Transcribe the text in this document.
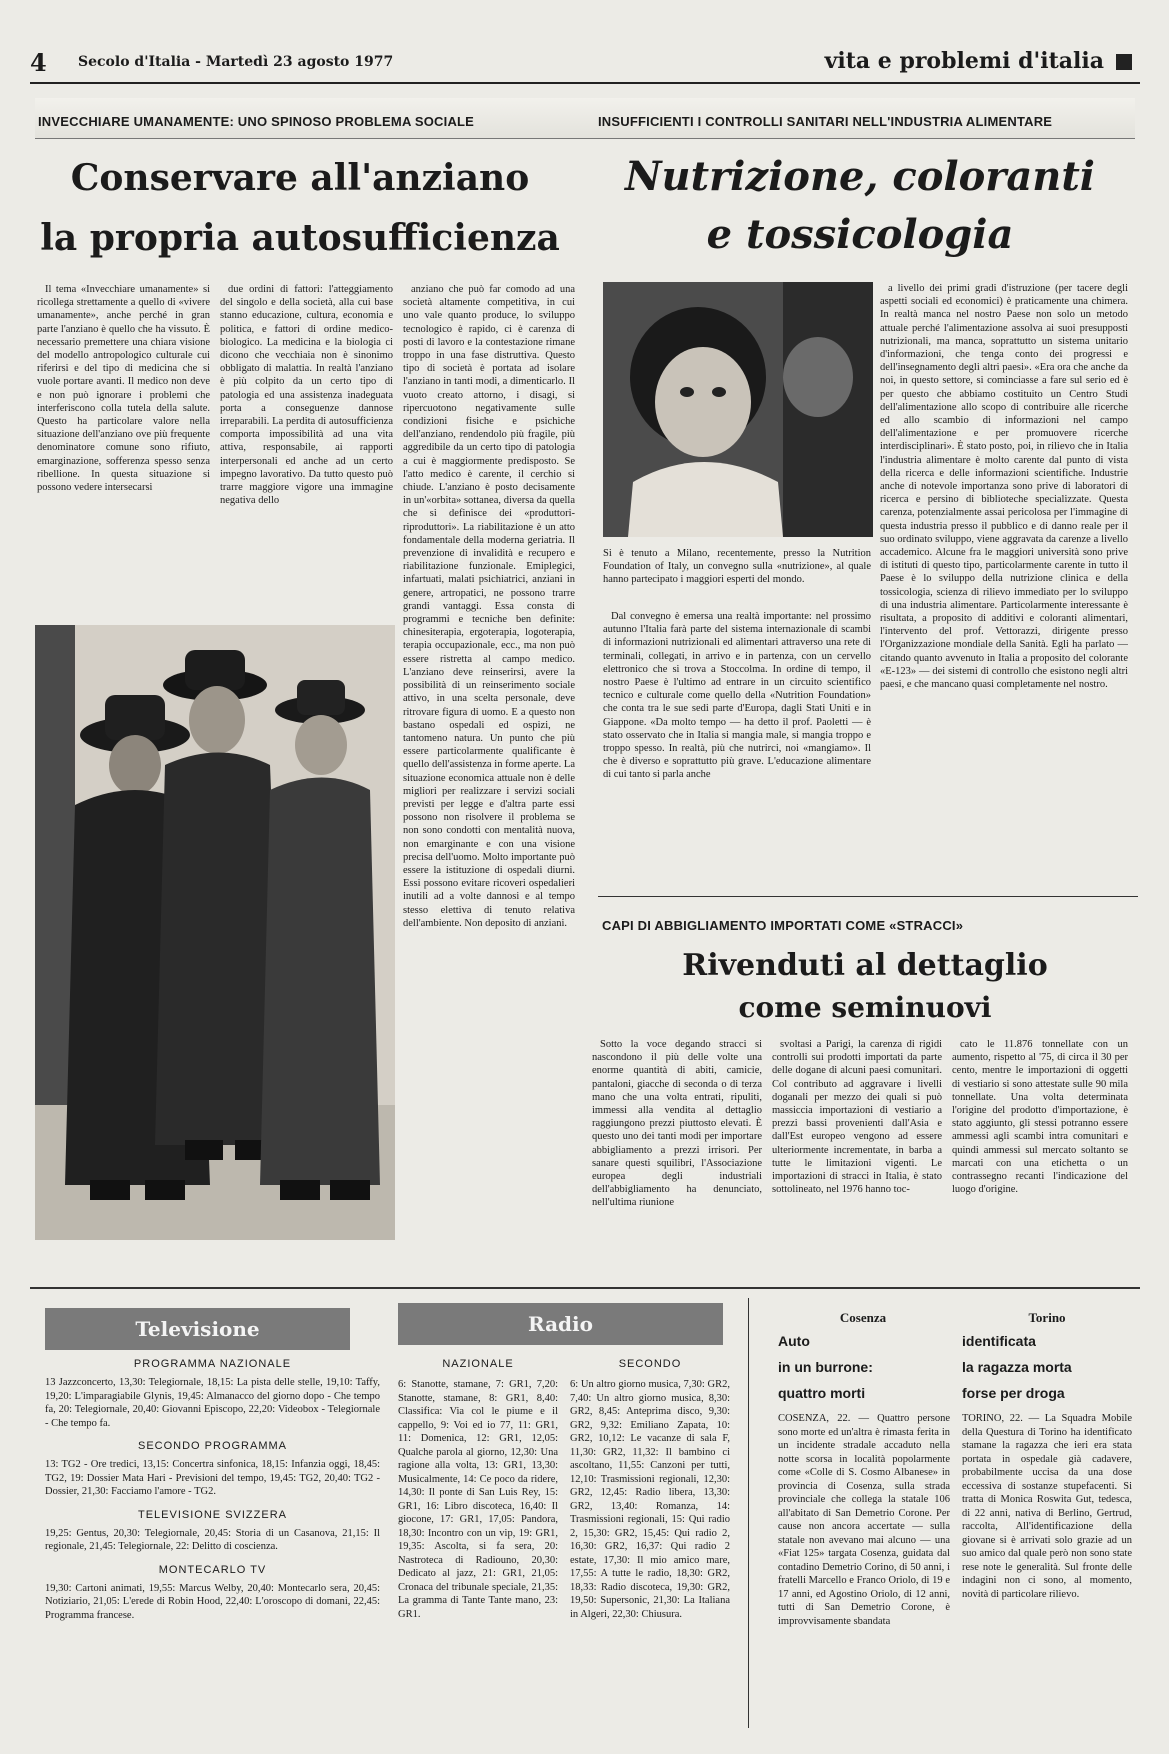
4 Secolo d'Italia - Martedì 23 agosto 1977	vita e problemi d'italia
INVECCHIARE UMANAMENTE: UNO SPINOSO PROBLEMA SOCIALE	INSUFFICIENTI I CONTROLLI SANITARI NELL'INDUSTRIA ALIMENTARE
Conservare all'anziano
la propria autosufficienza
Nutrizione, coloranti
e tossicologia

Il tema «Invecchiare umanamente» si ricollega strettamente a quello di «vivere umanamente», anche perché in gran parte l'anziano è quello che ha vissuto. È necessario premettere una chiara visione del modello antropologico culturale cui riferirsi e del tipo di medicina che si vuole portare avanti. Il medico non deve e non può ignorare i problemi che interferiscono colla tutela della salute. Questo ha particolare valore nella situazione dell'anziano ove più frequente denominatore comune sono rifiuto, emarginazione, sofferenza spesso senza ribellione. In questa situazione si possono vedere intersecarsi

due ordini di fattori: l'atteggiamento del singolo e della società, alla cui base stanno educazione, cultura, economia e politica, e fattori di ordine medico-biologico. La medicina e la biologia ci dicono che vecchiaia non è sinonimo obbligato di malattia. In realtà l'anziano è più colpito da un certo tipo di patologia ed una assistenza inadeguata porta a conseguenze dannose irreparabili. La perdita di autosufficienza comporta impossibilità ad una vita attiva, responsabile, ai rapporti interpersonali ed anche ad un certo impegno lavorativo. Da tutto questo può trarre maggiore vigore una immagine negativa dello

anziano che può far comodo ad una società altamente competitiva, in cui uno vale quanto produce, lo sviluppo tecnologico è rapido, ci è carenza di posti di lavoro e la contestazione rimane troppo in una fase distruttiva. Questo tipo di società è portata ad isolare l'anziano in tanti modi, a dimenticarlo. Il vuoto creato attorno, i disagi, si ripercuotono negativamente sulle condizioni fisiche e psichiche dell'anziano, rendendolo più fragile, più aggredibile da un certo tipo di patologia a cui è maggiormente predisposto. Se l'atto medico è carente, il cerchio si chiude. L'anziano è posto decisamente in un'«orbita» sottanea, diversa da quella che si definisce dei «produttori-riproduttori». La riabilitazione è un atto fondamentale della moderna geriatria. Il prevenzione di invalidità e recupero e riabilitazione funzionale. Emiplegici, infartuati, malati psichiatrici, anziani in genere, artropatici, ne possono trarre grandi vantaggi. Essa consta di programmi e tecniche ben definite: chinesiterapia, ergoterapia, logoterapia, terapia occupazionale, ecc., ma non può essere ristretta al campo medico. L'anziano deve reinserirsi, avere la possibilità di un reinserimento sociale attivo, in una scelta personale, deve ritrovare figura di uomo. E a questo non bastano ospedali ed ospizi, ne tantomeno natura. Un punto che più essere particolarmente qualificante è quello dell'assistenza in forme aperte. La situazione economica attuale non è delle migliori per realizzare i servizi sociali previsti per legge e d'altra parte essi possono non risolvere il problema se non sono condotti con mentalità nuova, non emarginante e con una visione precisa dell'uomo. Molto importante può essere la istituzione di ospedali diurni. Essi possono evitare ricoveri ospedalieri inutili ad a volte dannosi e al tempo stesso elettiva di tenuto relativa dell'ambiente. Non deposito di anziani.

Si è tenuto a Milano, recentemente, presso la Nutrition Foundation of Italy, un convegno sulla «nutrizione», al quale hanno partecipato i maggiori esperti del mondo.

Dal convegno è emersa una realtà importante: nel prossimo autunno l'Italia farà parte del sistema internazionale di scambi di informazioni nutrizionali ed alimentari attraverso una rete di terminali, collegati, in arrivo e in partenza, con un cervello elettronico che si trova a Stoccolma. In ordine di tempo, il nostro Paese è l'ultimo ad entrare in un circuito scientifico tecnico e culturale come quello della «Nutrition Foundation» che conta tra le sue sedi parte d'Europa, dagli Stati Uniti e in Giappone. «Da molto tempo — ha detto il prof. Paoletti — è stato osservato che in Italia si mangia male, si mangia troppo e troppo spesso. In realtà, più che nutrirci, noi «mangiamo». Il che è diverso e soprattutto più grave. L'educazione alimentare di cui tanto si parla anche

a livello dei primi gradi d'istruzione (per tacere degli aspetti sociali ed economici) è praticamente una chimera. In realtà manca nel nostro Paese non solo un metodo attuale perché l'alimentazione assolva ai suoi presupposti nutrizionali, ma manca, soprattutto un sistema unitario d'informazioni, che tenga conto dei progressi e dell'insegnamento degli altri paesi». «Era ora che anche da noi, in questo settore, si cominciasse a fare sul serio ed è per questo che abbiamo costituito un Centro Studi dell'alimentazione allo scopo di contribuire alle ricerche ed allo scambio di informazioni nel campo dell'alimentazione e per promuovere ricerche interdisciplinari». È stato posto, poi, in rilievo che in Italia l'industria alimentare è molto carente dal punto di vista della ricerca e delle informazioni scientifiche. Industrie anche di notevole importanza sono prive di laboratori di ricerca e persino di biblioteche specializzate. Questa carenza, potenzialmente assai pericolosa per l'immagine di questa industria presso il pubblico e di danno reale per il suo ordinato sviluppo, viene aggravata da carenze a livello accademico. Alcune fra le maggiori università sono prive di istituti di questo tipo, particolarmente carente in tutto il Paese è lo sviluppo della nutrizione clinica e della tossicologia, scienza di rilievo immediato per lo sviluppo di una industria alimentare. Particolarmente interessante è risultata, a proposito di additivi e coloranti alimentari, l'intervento del prof. Vettorazzi, dirigente presso l'Organizzazione mondiale della Sanità. Egli ha parlato — citando quanto avvenuto in Italia a proposito del colorante «E-123» — dei sistemi di controllo che esistono negli altri paesi, e che mancano quasi completamente nel nostro.

CAPI DI ABBIGLIAMENTO IMPORTATI COME «STRACCI»
Rivenduti al dettaglio
come seminuovi

Sotto la voce degando stracci si nascondono il più delle volte una enorme quantità di abiti, camicie, pantaloni, giacche di seconda o di terza mano che una volta entrati, ripuliti, immessi alla vendita al dettaglio raggiungono prezzi piuttosto elevati. È questo uno dei tanti modi per importare abbigliamento a prezzi irrisori. Per sanare questi squilibri, l'Associazione europea degli industriali dell'abbigliamento ha denunciato, nell'ultima riunione

svoltasi a Parigi, la carenza di rigidi controlli sui prodotti importati da parte delle dogane di alcuni paesi comunitari. Col contributo ad aggravare i livelli doganali per mezzo dei quali si può massiccia importazioni di vestiario a prezzi bassi provenienti dall'Asia e dall'Est europeo vengono ad essere ulteriormente incrementate, in barba a tutte le limitazioni vigenti. Le importazioni di stracci in Italia, è stato sottolineato, nel 1976 hanno toc-

cato le 11.876 tonnellate con un aumento, rispetto al '75, di circa il 30 per cento, mentre le importazioni di oggetti di vestiario si sono attestate sulle 90 mila tonnellate. Una volta determinata l'origine del prodotto d'importazione, è stato aggiunto, gli stessi potranno essere ammessi agli scambi intra comunitari e quindi ammessi sul mercato soltanto se marcati con una etichetta o un contrassegno recanti l'indicazione del luogo d'origine.

Televisione
PROGRAMMA NAZIONALE
13 Jazzconcerto, 13,30: Telegiornale, 18,15: La pista delle stelle, 19,10: Taffy, 19,20: L'imparagiabile Glynis, 19,45: Almanacco del giorno dopo - Che tempo fa, 20: Telegiornale, 20,40: Giovanni Episcopo, 22,20: Videobox - Telegiornale - Che tempo fa.
SECONDO PROGRAMMA
13: TG2 - Ore tredici, 13,15: Concertra sinfonica, 18,15: Infanzia oggi, 18,45: TG2, 19: Dossier Mata Hari - Previsioni del tempo, 19,45: TG2, 20,40: TG2 - Dossier, 21,30: Facciamo l'amore - TG2.
TELEVISIONE SVIZZERA
19,25: Gentus, 20,30: Telegiornale, 20,45: Storia di un Casanova, 21,15: Il regionale, 21,45: Telegiornale, 22: Delitto di coscienza.
MONTECARLO TV
19,30: Cartoni animati, 19,55: Marcus Welby, 20,40: Montecarlo sera, 20,45: Notiziario, 21,05: L'erede di Robin Hood, 22,40: L'oroscopo di domani, 22,45: Programma francese.
Radio
NAZIONALE	SECONDO
6: Stanotte, stamane, 7: GR1, 7,20: Stanotte, stamane, 8: GR1, 8,40: Classifica: Via col le piume e il cappello, 9: Voi ed io 77, 11: GR1, 11: Domenica, 12: GR1, 12,05: Qualche parola al giorno, 12,30: Una ragione alla volta, 13: GR1, 13,30: Musicalmente, 14: Ce poco da ridere, 14,30: Il ponte di San Luis Rey, 15: GR1, 16: Libro discoteca, 16,40: Il giocone, 17: GR1, 17,05: Pandora, 18,30: Incontro con un vip, 19: GR1, 19,35: Ascolta, si fa sera, 20: Nastroteca di Radiouno, 20,30: Dedicato al jazz, 21: GR1, 21,05: Cronaca del tribunale speciale, 21,35: La gramma di Tante Tante mano, 23: GR1.
6: Un altro giorno musica, 7,30: GR2, 7,40: Un altro giorno musica, 8,30: GR2, 8,45: Anteprima disco, 9,30: GR2, 9,32: Emiliano Zapata, 10: GR2, 10,12: Le vacanze di sala F, 11,30: GR2, 11,32: Il bambino ci ascoltano, 11,55: Canzoni per tutti, 12,10: Trasmissioni regionali, 12,30: GR2, 12,45: Radio libera, 13,30: GR2, 13,40: Romanza, 14: Trasmissioni regionali, 15: Qui radio 2, 15,30: GR2, 15,45: Qui radio 2, 16,30: GR2, 16,37: Qui radio 2 estate, 17,30: Il mio amico mare, 17,55: A tutte le radio, 18,30: GR2, 18,33: Radio discoteca, 19,30: GR2, 19,50: Supersonic, 21,30: La Italiana in Algeri, 22,30: Chiusura.
Cosenza
Auto
in un burrone:
quattro morti
COSENZA, 22. — Quattro persone sono morte ed un'altra è rimasta ferita in un incidente stradale accaduto nella notte scorsa in località popolarmente come «Colle di S. Cosmo Albanese» in provincia di Cosenza, sulla strada provinciale che collega la statale 106 all'abitato di San Demetrio Corone. Per cause non ancora accertate — sulla statale non avevano mai alcuno — una «Fiat 125» targata Cosenza, guidata dal contadino Demetrio Corino, di 50 anni, i fratelli Marcello e Franco Oriolo, di 19 e 17 anni, ed Agostino Oriolo, di 12 anni, tutti di San Demetrio Corone, è improvvisamente sbandata
Torino
identificata
la ragazza morta
forse per droga
TORINO, 22. — La Squadra Mobile della Questura di Torino ha identificato stamane la ragazza che ieri era stata portata in ospedale già cadavere, probabilmente uccisa da una dose eccessiva di sostanze stupefacenti. Si tratta di Monica Roswita Gut, tedesca, di 22 anni, nativa di Berlino, Gertrud, raccolta, All'identificazione della giovane si è arrivati solo grazie ad un suo amico dal quale però non sono state rese note le generalità. Sul fronte delle indagini non ci sono, al momento, novità di particolare rilievo.
